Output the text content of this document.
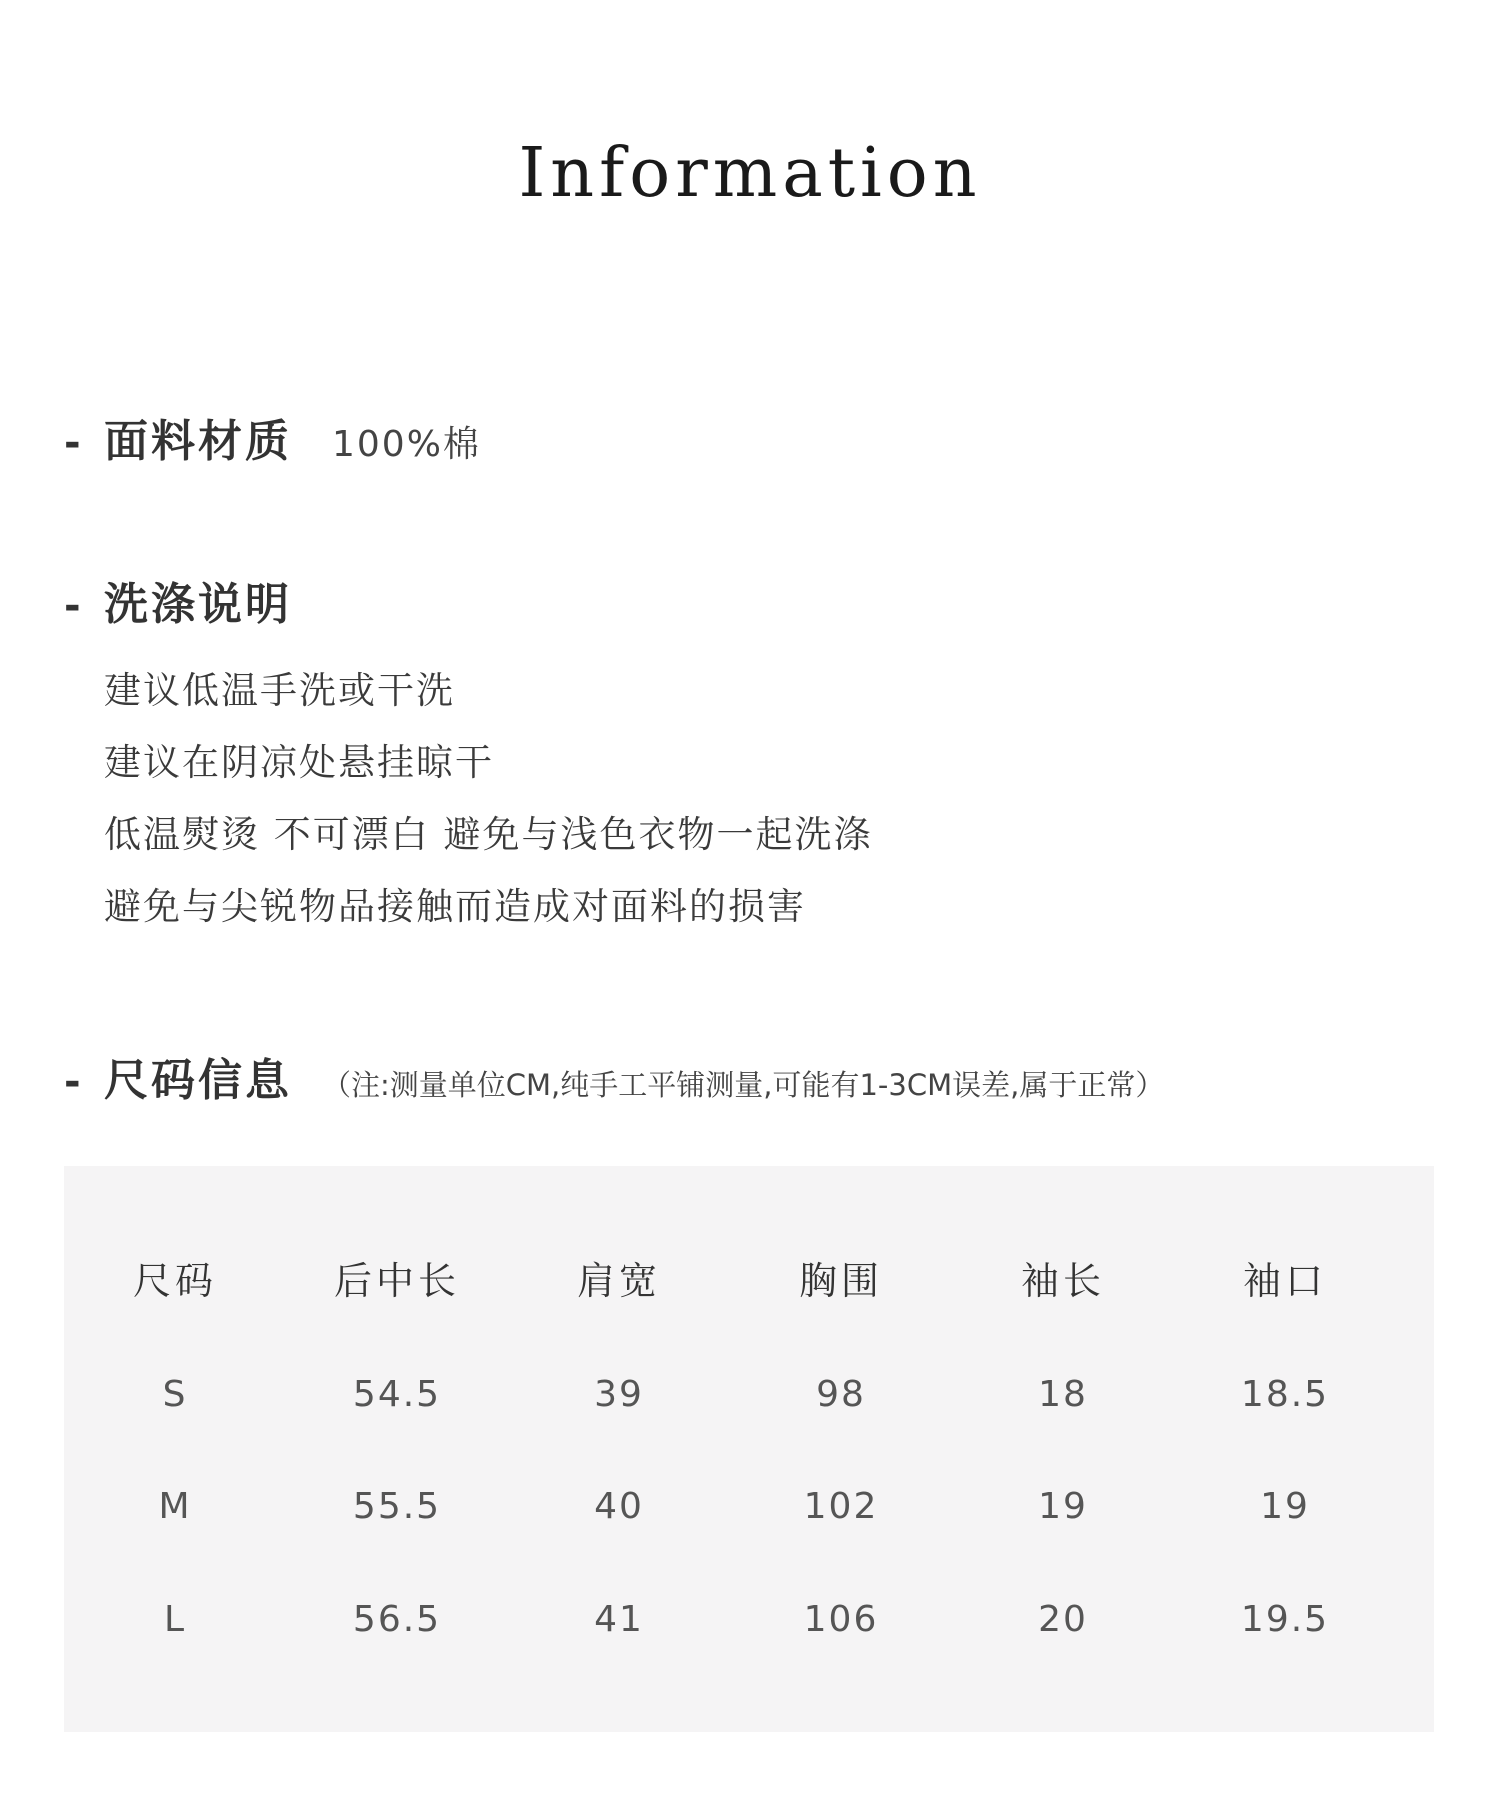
Information
- 面料材质 100%棉
- 洗涤说明
建议低温手洗或干洗
建议在阴凉处悬挂晾干
低温熨烫 不可漂白 避免与浅色衣物一起洗涤
避免与尖锐物品接触而造成对面料的损害
- 尺码信息 （注:测量单位CM,纯手工平铺测量,可能有1-3CM误差,属于正常）
尺码	后中长	肩宽	胸围	袖长	袖口
S	54.5	39	98	18	18.5
M	55.5	40	102	19	19
L	56.5	41	106	20	19.5
